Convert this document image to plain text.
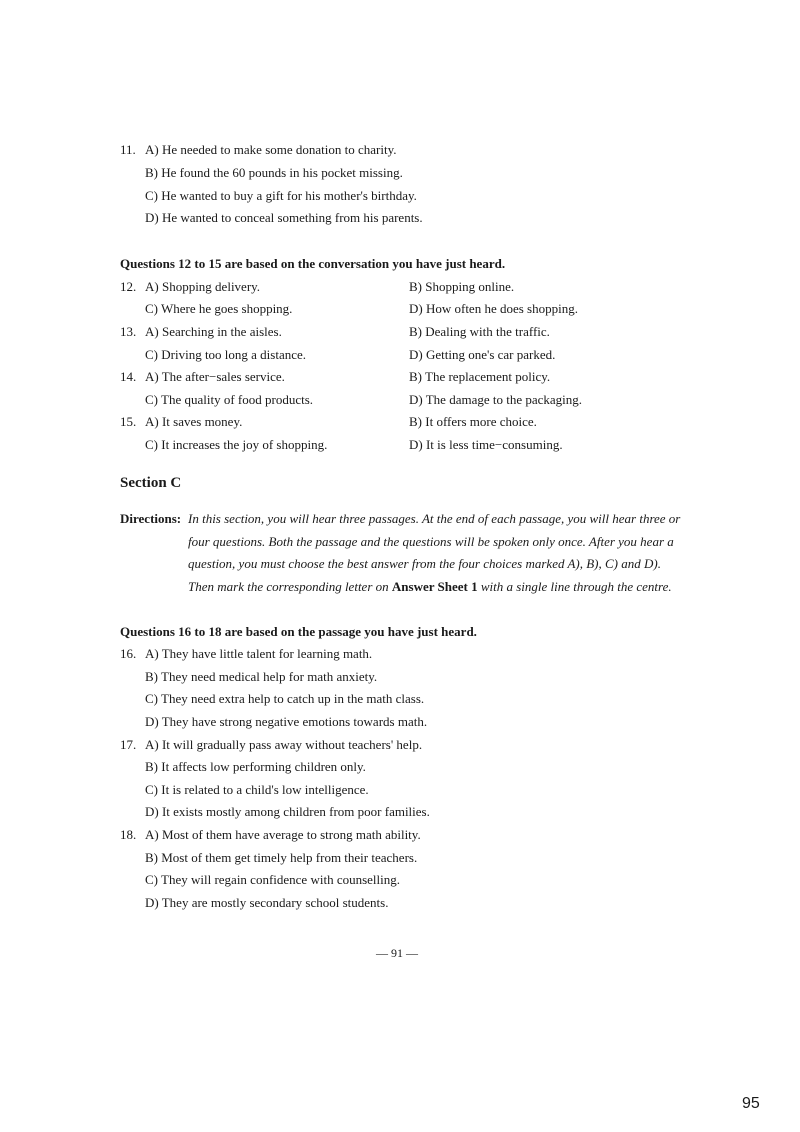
11. A) He needed to make some donation to charity.
B) He found the 60 pounds in his pocket missing.
C) He wanted to buy a gift for his mother's birthday.
D) He wanted to conceal something from his parents.
Questions 12 to 15 are based on the conversation you have just heard.
12. A) Shopping delivery.	B) Shopping online.
C) Where he goes shopping.	D) How often he does shopping.
13. A) Searching in the aisles.	B) Dealing with the traffic.
C) Driving too long a distance.	D) Getting one's car parked.
14. A) The after−sales service.	B) The replacement policy.
C) The quality of food products.	D) The damage to the packaging.
15. A) It saves money.	B) It offers more choice.
C) It increases the joy of shopping.	D) It is less time−consuming.
Section C
Directions: In this section, you will hear three passages. At the end of each passage, you will hear three or
four questions. Both the passage and the questions will be spoken only once. After you hear a
question, you must choose the best answer from the four choices marked A), B), C) and D).
Then mark the corresponding letter on Answer Sheet 1 with a single line through the centre.
Questions 16 to 18 are based on the passage you have just heard.
16. A) They have little talent for learning math.
B) They need medical help for math anxiety.
C) They need extra help to catch up in the math class.
D) They have strong negative emotions towards math.
17. A) It will gradually pass away without teachers' help.
B) It affects low performing children only.
C) It is related to a child's low intelligence.
D) It exists mostly among children from poor families.
18. A) Most of them have average to strong math ability.
B) Most of them get timely help from their teachers.
C) They will regain confidence with counselling.
D) They are mostly secondary school students.
— 91 —
95
